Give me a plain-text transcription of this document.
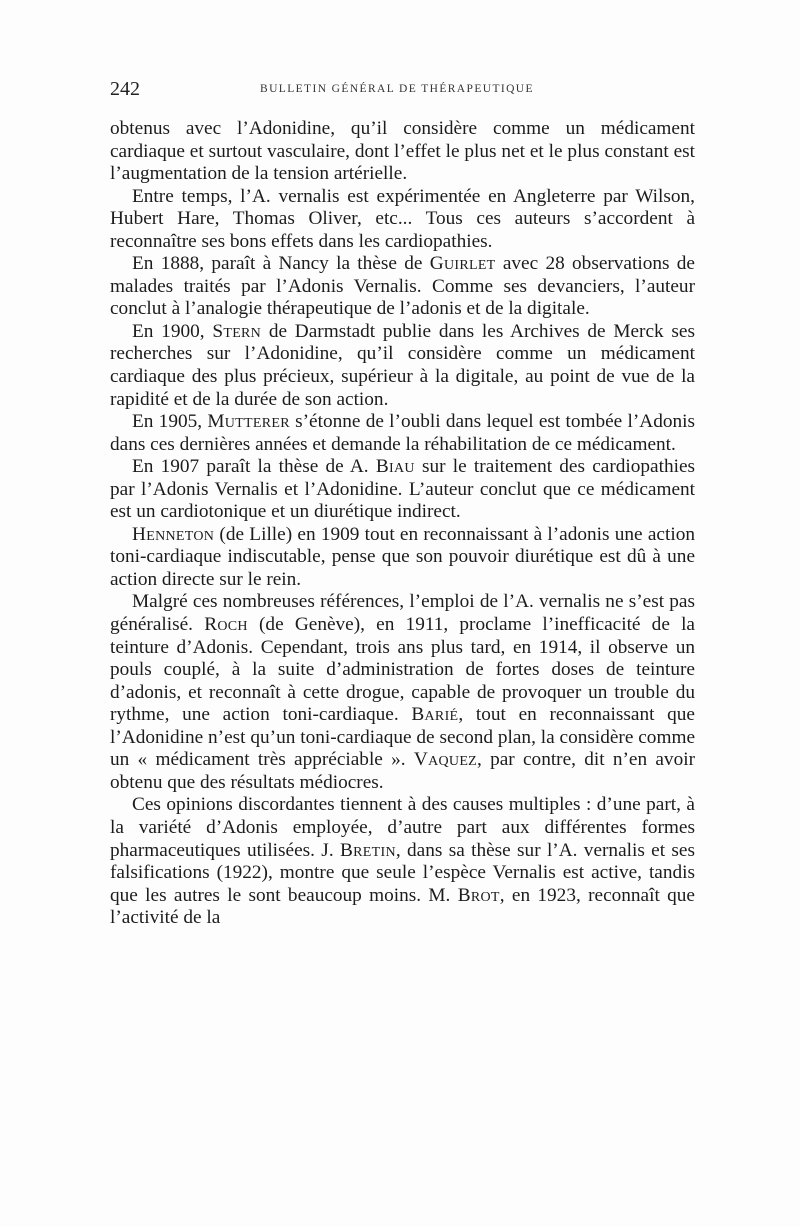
242	BULLETIN GÉNÉRAL DE THÉRAPEUTIQUE

obtenus avec l’Adonidine, qu’il considère comme un médicament cardiaque et surtout vasculaire, dont l’effet le plus net et le plus constant est l’augmentation de la tension artérielle.

Entre temps, l’A. vernalis est expérimentée en Angleterre par Wilson, Hubert Hare, Thomas Oliver, etc... Tous ces auteurs s’accordent à reconnaître ses bons effets dans les cardiopathies.

En 1888, paraît à Nancy la thèse de Guirlet avec 28 observations de malades traités par l’Adonis Vernalis. Comme ses devanciers, l’auteur conclut à l’analogie thérapeutique de l’adonis et de la digitale.

En 1900, Stern de Darmstadt publie dans les Archives de Merck ses recherches sur l’Adonidine, qu’il considère comme un médicament cardiaque des plus précieux, supérieur à la digitale, au point de vue de la rapidité et de la durée de son action.

En 1905, Mutterer s’étonne de l’oubli dans lequel est tombée l’Adonis dans ces dernières années et demande la réhabilitation de ce médicament.

En 1907 paraît la thèse de A. Biau sur le traitement des cardiopathies par l’Adonis Vernalis et l’Adonidine. L’auteur conclut que ce médicament est un cardiotonique et un diurétique indirect.

Henneton (de Lille) en 1909 tout en reconnaissant à l’adonis une action toni-cardiaque indiscutable, pense que son pouvoir diurétique est dû à une action directe sur le rein.

Malgré ces nombreuses références, l’emploi de l’A. vernalis ne s’est pas généralisé. Roch (de Genève), en 1911, proclame l’inefficacité de la teinture d’Adonis. Cependant, trois ans plus tard, en 1914, il observe un pouls couplé, à la suite d’administration de fortes doses de teinture d’adonis, et reconnaît à cette drogue, capable de provoquer un trouble du rythme, une action toni-cardiaque. Barié, tout en reconnaissant que l’Adonidine n’est qu’un toni-cardiaque de second plan, la considère comme un « médicament très appréciable ». Vaquez, par contre, dit n’en avoir obtenu que des résultats médiocres.

Ces opinions discordantes tiennent à des causes multiples : d’une part, à la variété d’Adonis employée, d’autre part aux différentes formes pharmaceutiques utilisées. J. Bretin, dans sa thèse sur l’A. vernalis et ses falsifications (1922), montre que seule l’espèce Vernalis est active, tandis que les autres le sont beaucoup moins. M. Brot, en 1923, reconnaît que l’activité de la
